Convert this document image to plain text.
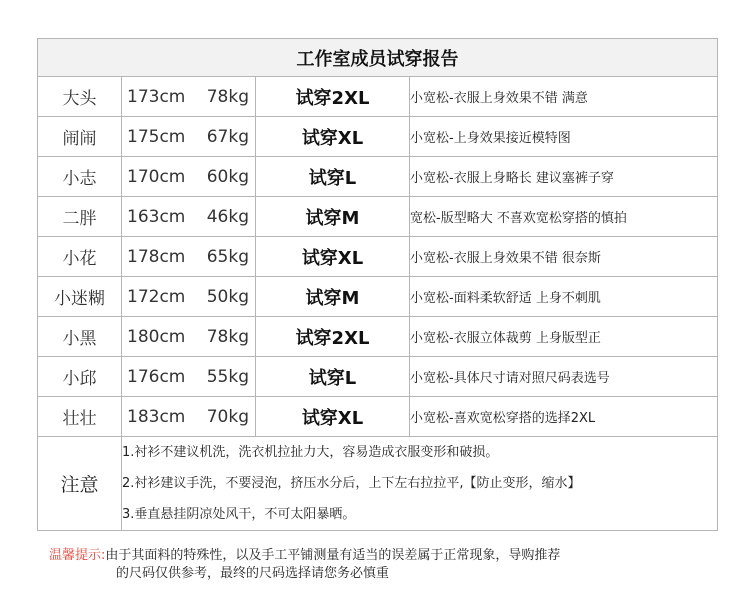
工作室成员试穿报告			
大头	173cm 78kg	试穿2XL	小宽松-衣服上身效果不错 满意
闹闹	175cm 67kg	试穿XL	小宽松-上身效果接近模特图
小志	170cm 60kg	试穿L	小宽松-衣服上身略长 建议塞裤子穿
二胖	163cm 46kg	试穿M	宽松-版型略大 不喜欢宽松穿搭的慎拍
小花	178cm 65kg	试穿XL	小宽松-衣服上身效果不错 很奈斯
小迷糊	172cm 50kg	试穿M	小宽松-面料柔软舒适 上身不刺肌
小黑	180cm 78kg	试穿2XL	小宽松-衣服立体裁剪 上身版型正
小邱	176cm 55kg	试穿L	小宽松-具体尺寸请对照尺码表选号
壮壮	183cm 70kg	试穿XL	小宽松-喜欢宽松穿搭的选择2XL
注意	
1.衬衫不建议机洗，洗衣机拉扯力大，容易造成衣服变形和破损。
2.衬衫建议手洗，不要浸泡，挤压水分后，上下左右拉拉平,【防止变形，缩水】
3.垂直悬挂阴凉处风干，不可太阳暴晒。
温馨提示:由于其面料的特殊性，以及手工平铺测量有适当的误差属于正常现象，导购推荐
的尺码仅供参考，最终的尺码选择请您务必慎重
